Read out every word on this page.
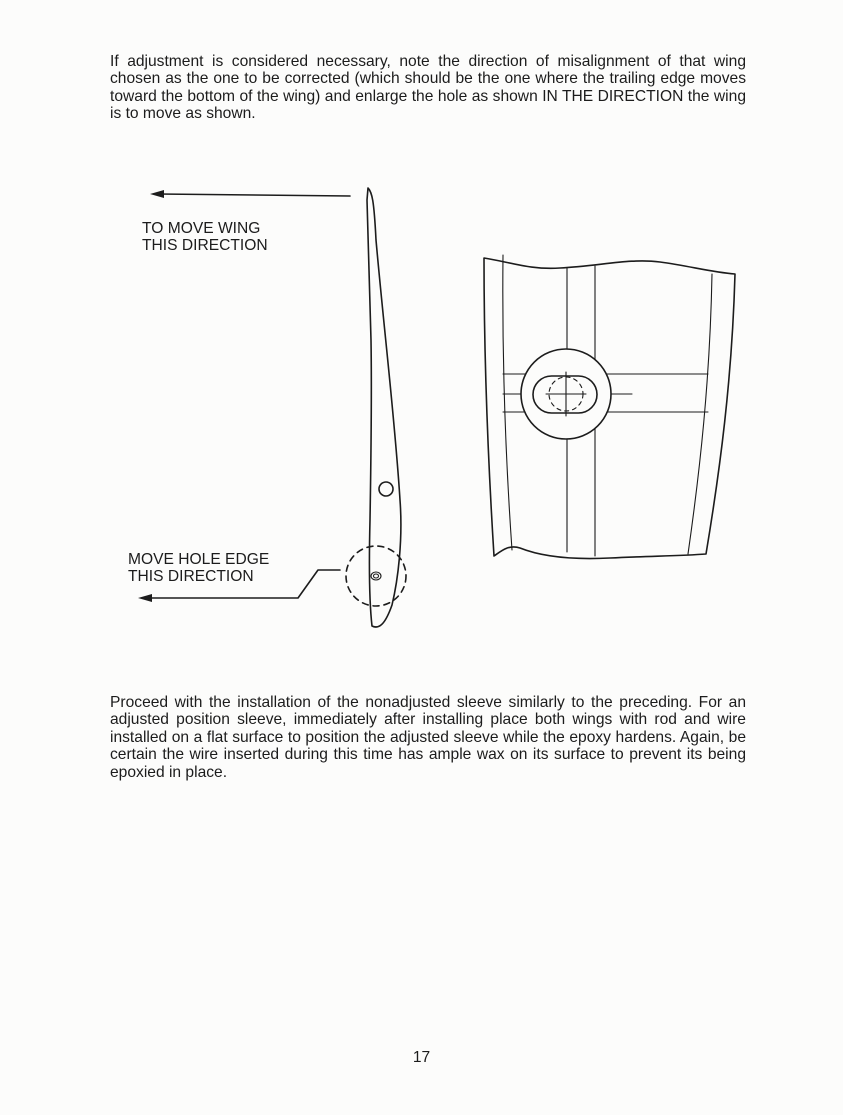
If adjustment is considered necessary, note the direction of misalignment of that wing chosen as the one to be corrected (which should be the one where the trailing edge moves toward the bottom of the wing) and enlarge the hole as shown IN THE DIRECTION the wing is to move as shown.

TO MOVE WING
THIS DIRECTION
MOVE HOLE EDGE
THIS DIRECTION

Proceed with the installation of the nonadjusted sleeve similarly to the preceding. For an adjusted position sleeve, immediately after installing place both wings with rod and wire installed on a flat surface to position the adjusted sleeve while the epoxy hardens. Again, be certain the wire inserted during this time has ample wax on its surface to prevent its being epoxied in place.

17
